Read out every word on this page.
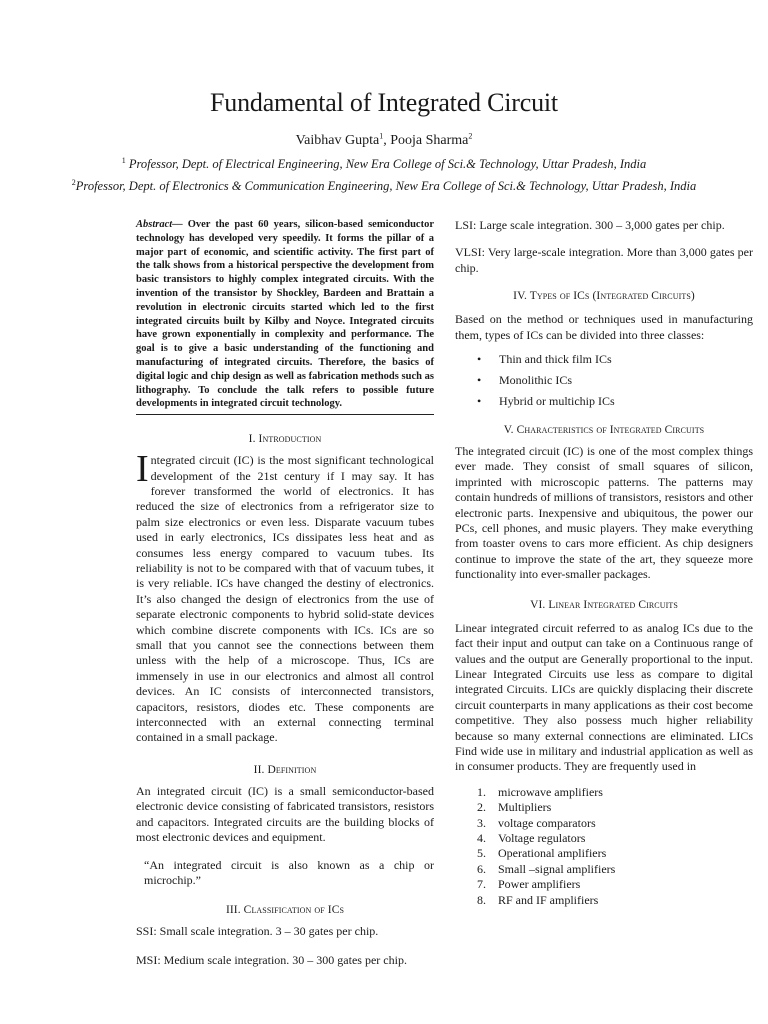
Fundamental of Integrated Circuit

Vaibhav Gupta$^1$, Pooja Sharma$^2$

$^1$ Professor, Dept. of Electrical Engineering, New Era College of Sci.& Technology, Uttar Pradesh, India

$^2$Professor, Dept. of Electronics & Communication Engineering, New Era College of Sci.& Technology, Uttar Pradesh, India

Abstract— Over the past 60 years, silicon-based semiconductor technology has developed very speedily. It forms the pillar of a major part of economic, and scientific activity. The first part of the talk shows from a historical perspective the development from basic transistors to highly complex integrated circuits. With the invention of the transistor by Shockley, Bardeen and Brattain a revolution in electronic circuits started which led to the first integrated circuits built by Kilby and Noyce. Integrated circuits have grown exponentially in complexity and performance. The goal is to give a basic understanding of the functioning and manufacturing of integrated circuits. Therefore, the basics of digital logic and chip design as well as fabrication methods such as lithography. To conclude the talk refers to possible future developments in integrated circuit technology.

I. Introduction

Integrated circuit (IC) is the most significant technological development of the 21st century if I may say. It has forever transformed the world of electronics. It has reduced the size of electronics from a refrigerator size to palm size electronics or even less. Disparate vacuum tubes used in early electronics, ICs dissipates less heat and as consumes less energy compared to vacuum tubes. Its reliability is not to be compared with that of vacuum tubes, it is very reliable. ICs have changed the destiny of electronics. It’s also changed the design of electronics from the use of separate electronic components to hybrid solid-state devices which combine discrete components with ICs. ICs are so small that you cannot see the connections between them unless with the help of a microscope. Thus, ICs are immensely in use in our electronics and almost all control devices. An IC consists of interconnected transistors, capacitors, resistors, diodes etc. These components are interconnected with an external connecting terminal contained in a small package.

II. Definition

An integrated circuit (IC) is a small semiconductor-based electronic device consisting of fabricated transistors, resistors and capacitors. Integrated circuits are the building blocks of most electronic devices and equipment.

“An integrated circuit is also known as a chip or microchip.”

III. Classification of ICs

SSI: Small scale integration. 3 – 30 gates per chip.

MSI: Medium scale integration. 30 – 300 gates per chip.

LSI: Large scale integration. 300 – 3,000 gates per chip.

VLSI: Very large-scale integration. More than 3,000 gates per chip.

IV. Types of ICs (Integrated Circuits)

Based on the method or techniques used in manufacturing them, types of ICs can be divided into three classes:

• Thin and thick film ICs
• Monolithic ICs
• Hybrid or multichip ICs

V. Characteristics of Integrated Circuits

The integrated circuit (IC) is one of the most complex things ever made. They consist of small squares of silicon, imprinted with microscopic patterns. The patterns may contain hundreds of millions of transistors, resistors and other electronic parts. Inexpensive and ubiquitous, the power our PCs, cell phones, and music players. They make everything from toaster ovens to cars more efficient. As chip designers continue to improve the state of the art, they squeeze more functionality into ever-smaller packages.

VI. Linear Integrated Circuits

Linear integrated circuit referred to as analog ICs due to the fact their input and output can take on a Continuous range of values and the output are Generally proportional to the input. Linear Integrated Circuits use less as compare to digital integrated Circuits. LICs are quickly displacing their discrete circuit counterparts in many applications as their cost become competitive. They also possess much higher reliability because so many external connections are eliminated. LICs Find wide use in military and industrial application as well as in consumer products. They are frequently used in

1. microwave amplifiers
2. Multipliers
3. voltage comparators
4. Voltage regulators
5. Operational amplifiers
6. Small –signal amplifiers
7. Power amplifiers
8. RF and IF amplifiers
